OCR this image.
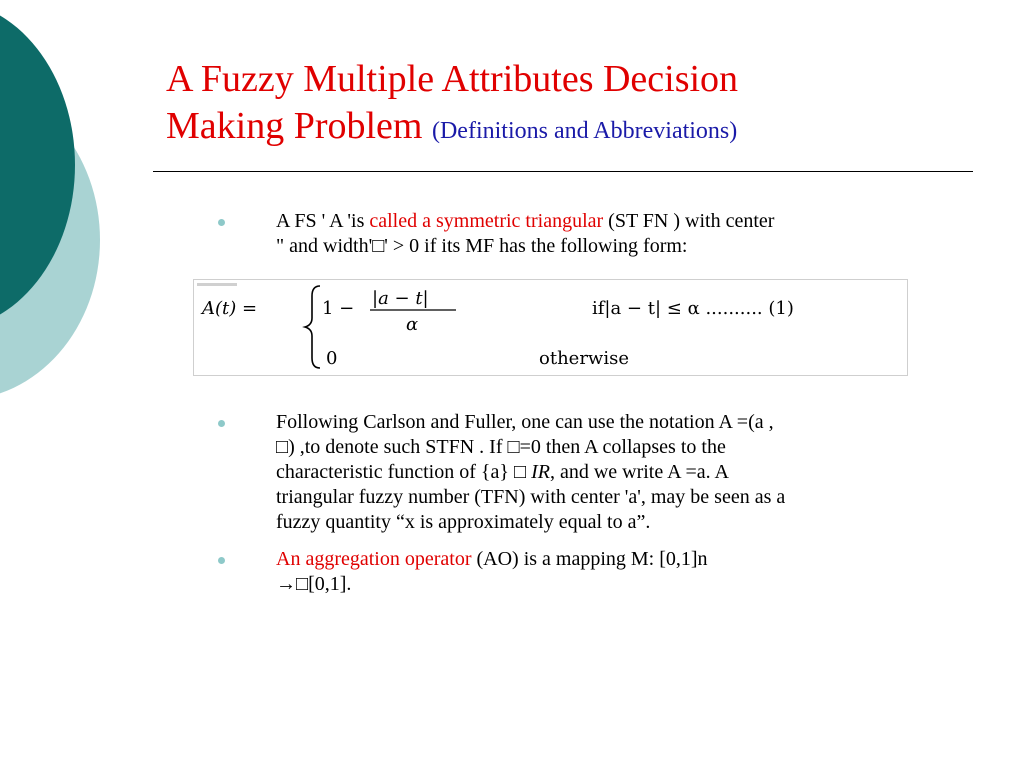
A Fuzzy Multiple Attributes Decision
Making Problem (Definitions and Abbreviations)
A FS ' A 'is called a symmetric triangular (ST FN ) with center
" and width'□' > 0 if its MF has the following form:
Following Carlson and Fuller, one can use the notation A =(a ,
□) ,to denote such STFN . If □=0 then A collapses to the
characteristic function of {a} □ IR, and we write A =a. A
triangular fuzzy number (TFN) with center 'a', may be seen as a
fuzzy quantity “x is approximately equal to a”.
An aggregation operator (AO) is a mapping M: [0,1]n
→□[0,1].
A(t) =	1 − |a − t|
α
if|a − t| ≤ α .......... (1)
0	otherwise
